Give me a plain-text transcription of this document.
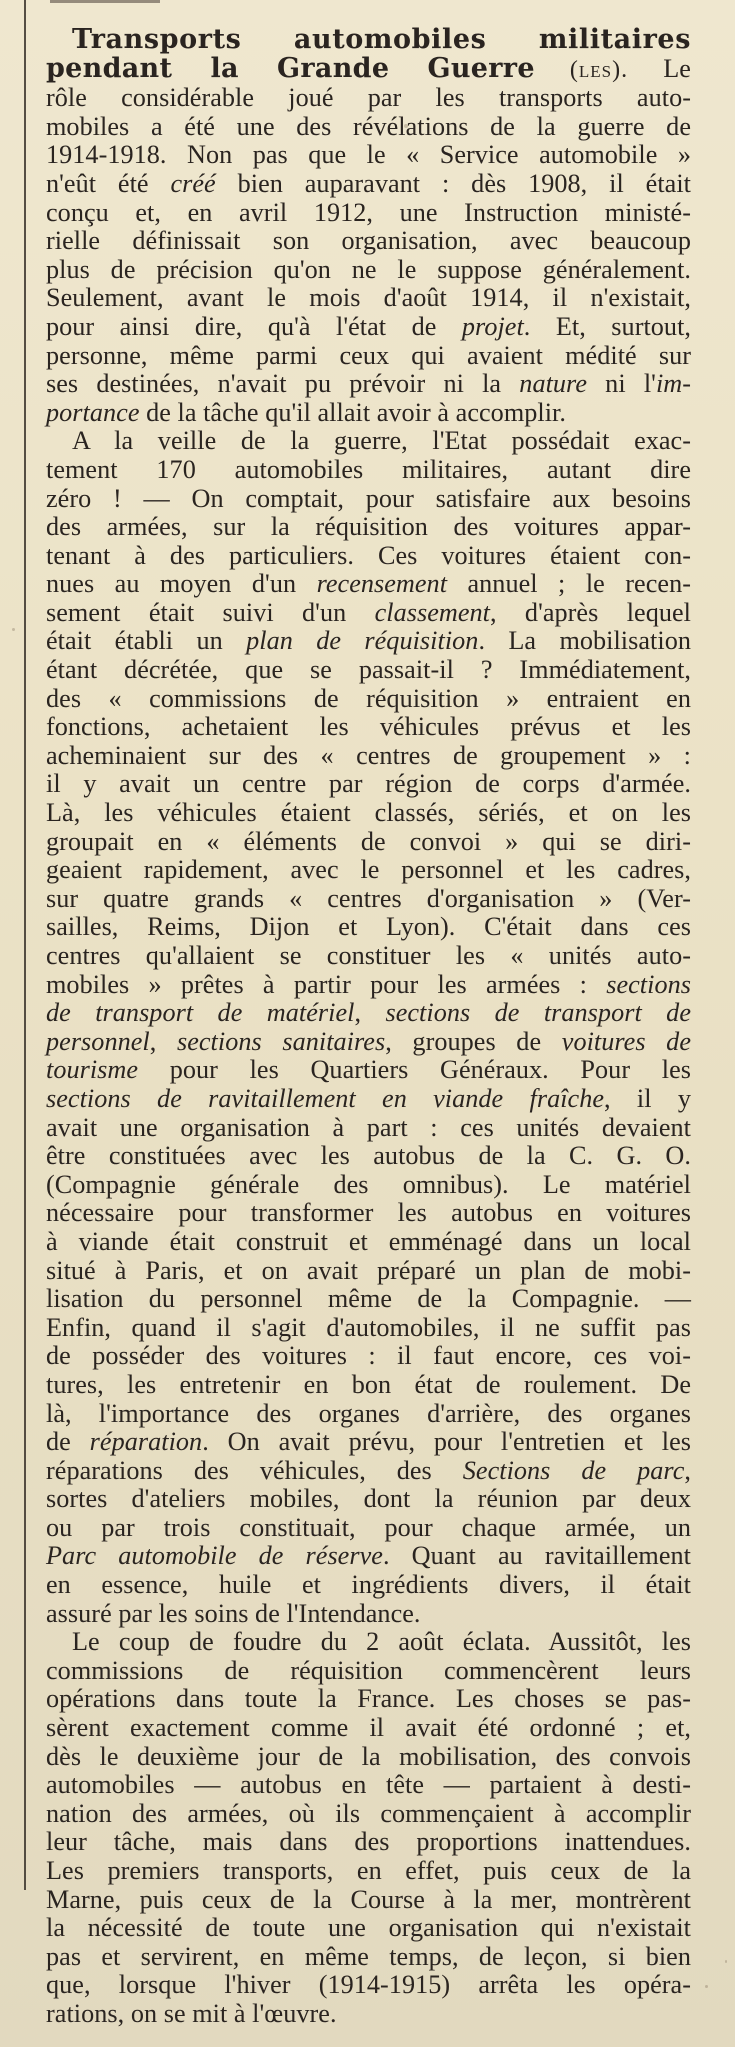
Transports automobiles militaires
pendant la Grande Guerre (les). Le
rôle considérable joué par les transports auto-
mobiles a été une des révélations de la guerre de
1914-1918. Non pas que le « Service automobile »
n'eût été créé bien auparavant : dès 1908, il était
conçu et, en avril 1912, une Instruction ministé-
rielle définissait son organisation, avec beaucoup
plus de précision qu'on ne le suppose généralement.
Seulement, avant le mois d'août 1914, il n'existait,
pour ainsi dire, qu'à l'état de projet. Et, surtout,
personne, même parmi ceux qui avaient médité sur
ses destinées, n'avait pu prévoir ni la nature ni l'im-
portance de la tâche qu'il allait avoir à accomplir.
A la veille de la guerre, l'Etat possédait exac-
tement 170 automobiles militaires, autant dire
zéro ! — On comptait, pour satisfaire aux besoins
des armées, sur la réquisition des voitures appar-
tenant à des particuliers. Ces voitures étaient con-
nues au moyen d'un recensement annuel ; le recen-
sement était suivi d'un classement, d'après lequel
était établi un plan de réquisition. La mobilisation
étant décrétée, que se passait-il ? Immédiatement,
des « commissions de réquisition » entraient en
fonctions, achetaient les véhicules prévus et les
acheminaient sur des « centres de groupement » :
il y avait un centre par région de corps d'armée.
Là, les véhicules étaient classés, sériés, et on les
groupait en « éléments de convoi » qui se diri-
geaient rapidement, avec le personnel et les cadres,
sur quatre grands « centres d'organisation » (Ver-
sailles, Reims, Dijon et Lyon). C'était dans ces
centres qu'allaient se constituer les « unités auto-
mobiles » prêtes à partir pour les armées : sections
de transport de matériel, sections de transport de
personnel, sections sanitaires, groupes de voitures de
tourisme pour les Quartiers Généraux. Pour les
sections de ravitaillement en viande fraîche, il y
avait une organisation à part : ces unités devaient
être constituées avec les autobus de la C. G. O.
(Compagnie générale des omnibus). Le matériel
nécessaire pour transformer les autobus en voitures
à viande était construit et emménagé dans un local
situé à Paris, et on avait préparé un plan de mobi-
lisation du personnel même de la Compagnie. —
Enfin, quand il s'agit d'automobiles, il ne suffit pas
de posséder des voitures : il faut encore, ces voi-
tures, les entretenir en bon état de roulement. De
là, l'importance des organes d'arrière, des organes
de réparation. On avait prévu, pour l'entretien et les
réparations des véhicules, des Sections de parc,
sortes d'ateliers mobiles, dont la réunion par deux
ou par trois constituait, pour chaque armée, un
Parc automobile de réserve. Quant au ravitaillement
en essence, huile et ingrédients divers, il était
assuré par les soins de l'Intendance.
Le coup de foudre du 2 août éclata. Aussitôt, les
commissions de réquisition commencèrent leurs
opérations dans toute la France. Les choses se pas-
sèrent exactement comme il avait été ordonné ; et,
dès le deuxième jour de la mobilisation, des convois
automobiles — autobus en tête — partaient à desti-
nation des armées, où ils commençaient à accomplir
leur tâche, mais dans des proportions inattendues.
Les premiers transports, en effet, puis ceux de la
Marne, puis ceux de la Course à la mer, montrèrent
la nécessité de toute une organisation qui n'existait
pas et servirent, en même temps, de leçon, si bien
que, lorsque l'hiver (1914-1915) arrêta les opéra-
rations, on se mit à l'œuvre.
